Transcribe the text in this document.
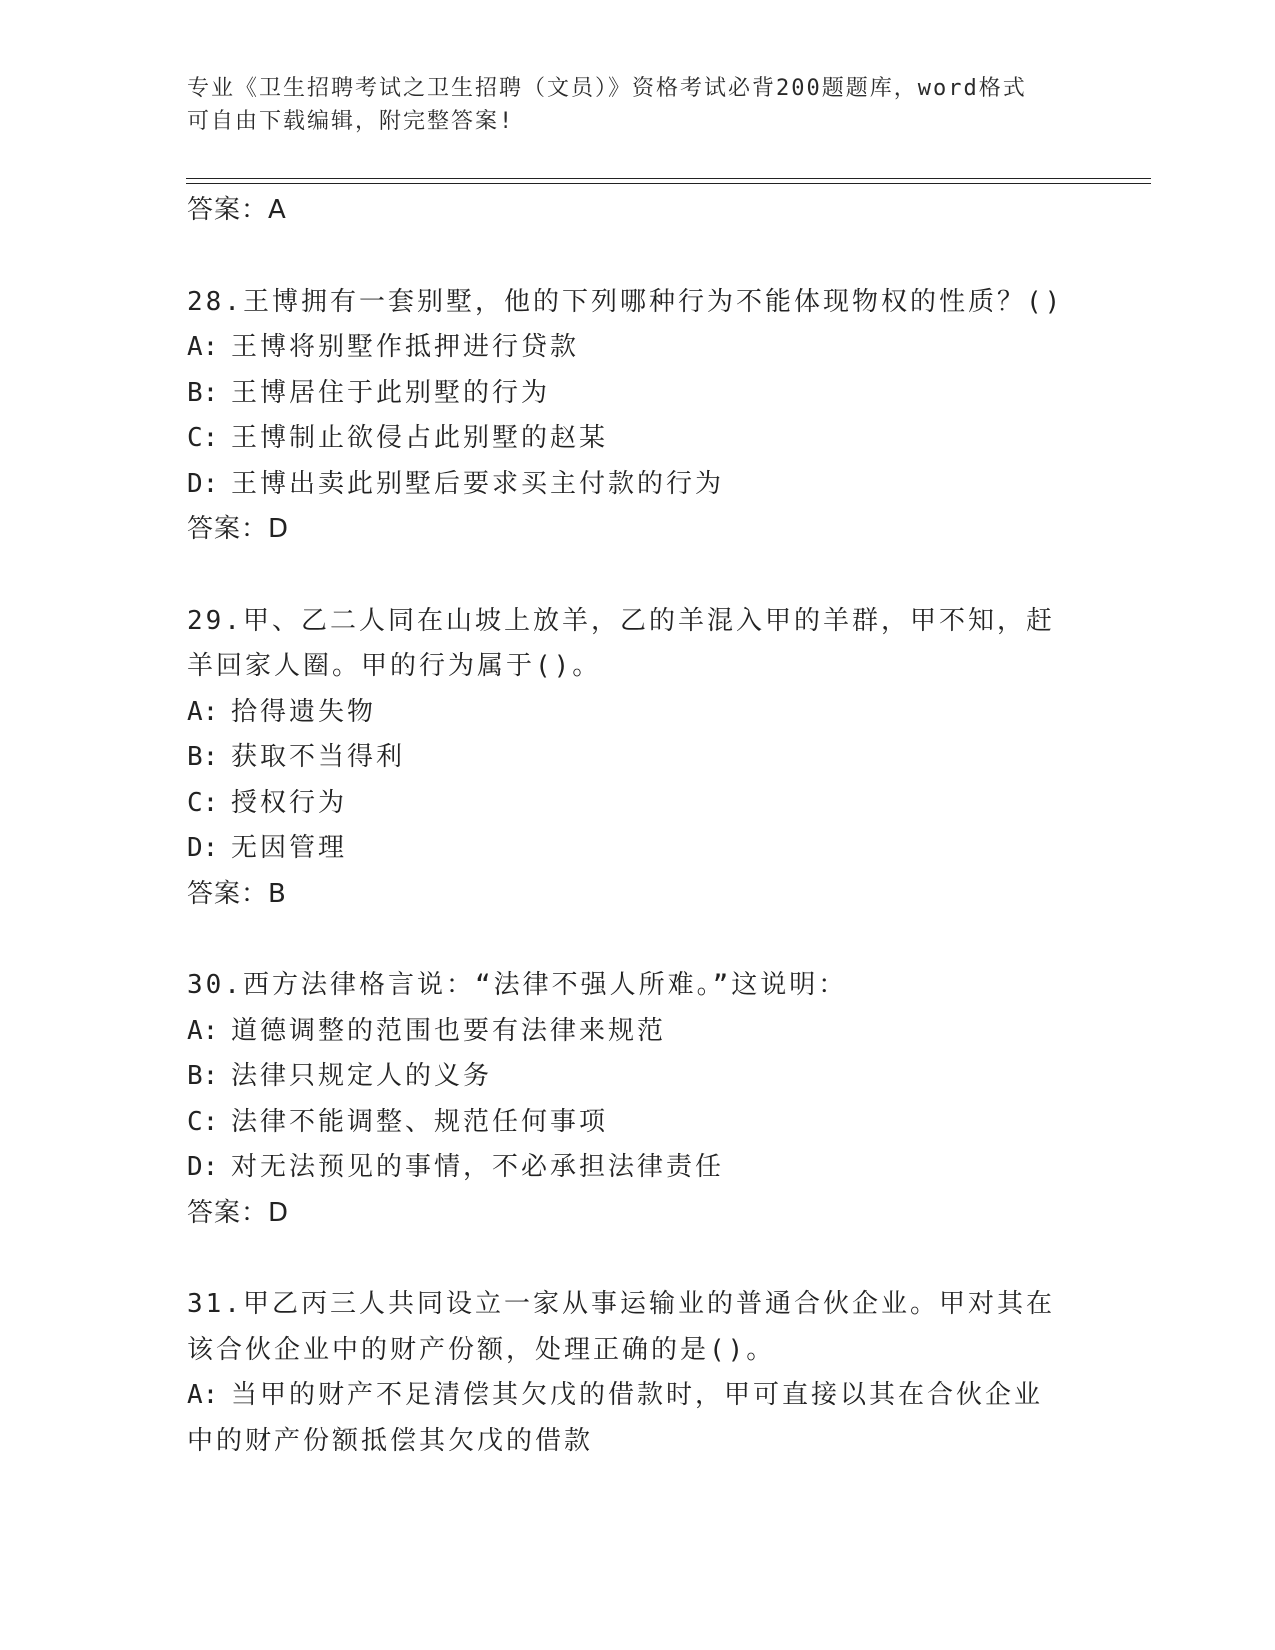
专业《卫生招聘考试之卫生招聘（文员）》资格考试必背200题题库，word格式
可自由下载编辑，附完整答案!
答案：A
28.王博拥有一套别墅，他的下列哪种行为不能体现物权的性质？()
A: 王博将别墅作抵押进行贷款
B: 王博居住于此别墅的行为
C: 王博制止欲侵占此别墅的赵某
D: 王博出卖此别墅后要求买主付款的行为
答案：D
29.甲、乙二人同在山坡上放羊，乙的羊混入甲的羊群，甲不知，赶羊回家人圈。甲的行为属于()。
A: 拾得遗失物
B: 获取不当得利
C: 授权行为
D: 无因管理
答案：B
30.西方法律格言说：“法律不强人所难。”这说明：
A: 道德调整的范围也要有法律来规范
B: 法律只规定人的义务
C: 法律不能调整、规范任何事项
D: 对无法预见的事情，不必承担法律责任
答案：D
31.甲乙丙三人共同设立一家从事运输业的普通合伙企业。甲对其在该合伙企业中的财产份额，处理正确的是()。
A: 当甲的财产不足清偿其欠戊的借款时，甲可直接以其在合伙企业中的财产份额抵偿其欠戊的借款
